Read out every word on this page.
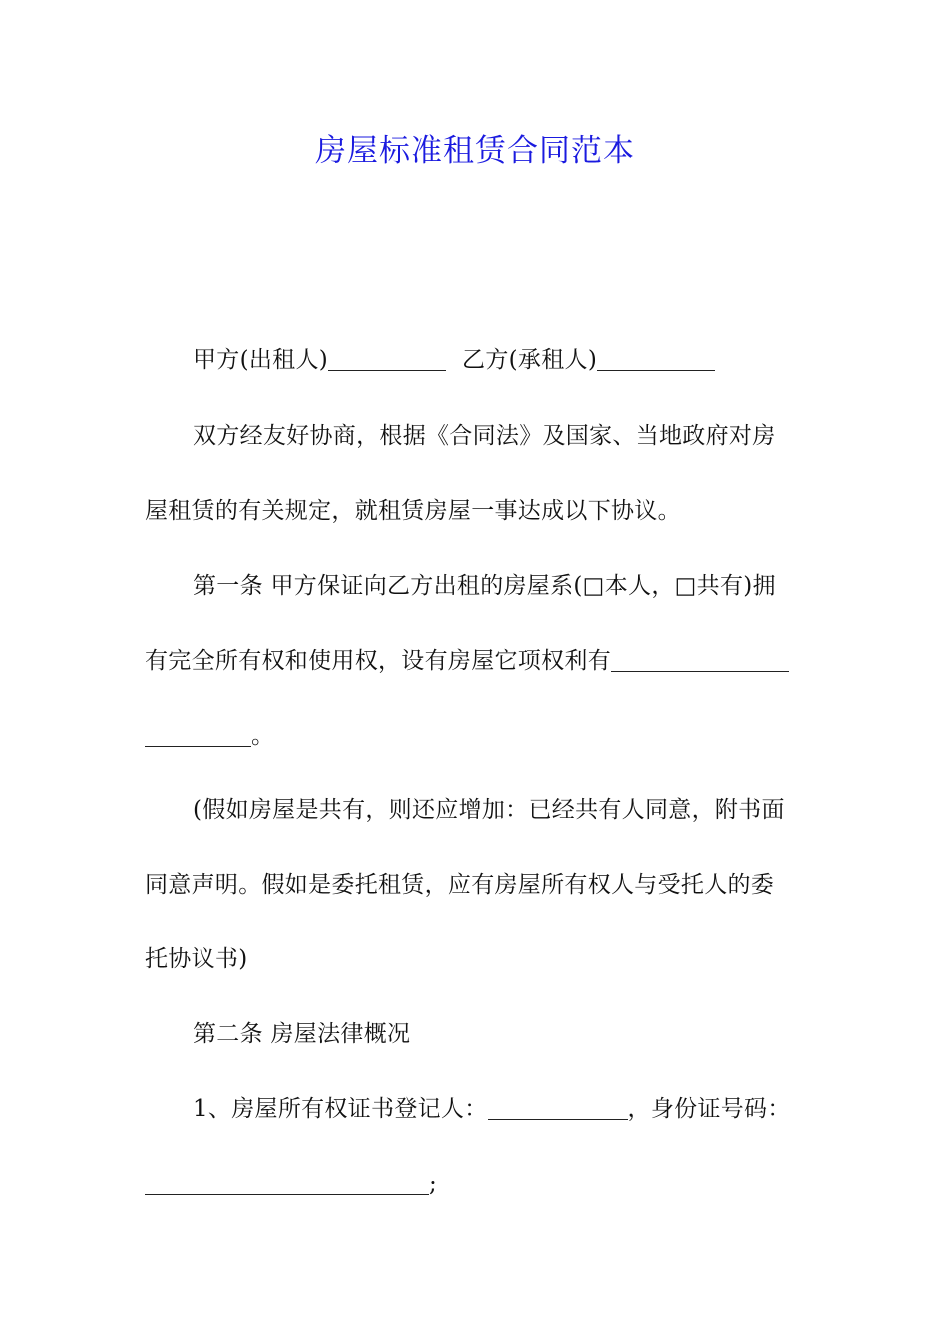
房屋标准租赁合同范本
甲方(出租人)	乙方(承租人)
双方经友好协商，根据《合同法》及国家、当地政府对房
屋租赁的有关规定，就租赁房屋一事达成以下协议。
第一条 甲方保证向乙方出租的房屋系(□本人，□共有)拥
有完全所有权和使用权，设有房屋它项权利有
。
(假如房屋是共有，则还应增加：已经共有人同意，附书面
同意声明。假如是委托租赁，应有房屋所有权人与受托人的委
托协议书)
第二条 房屋法律概况
1、房屋所有权证书登记人：	，身份证号码：
;
